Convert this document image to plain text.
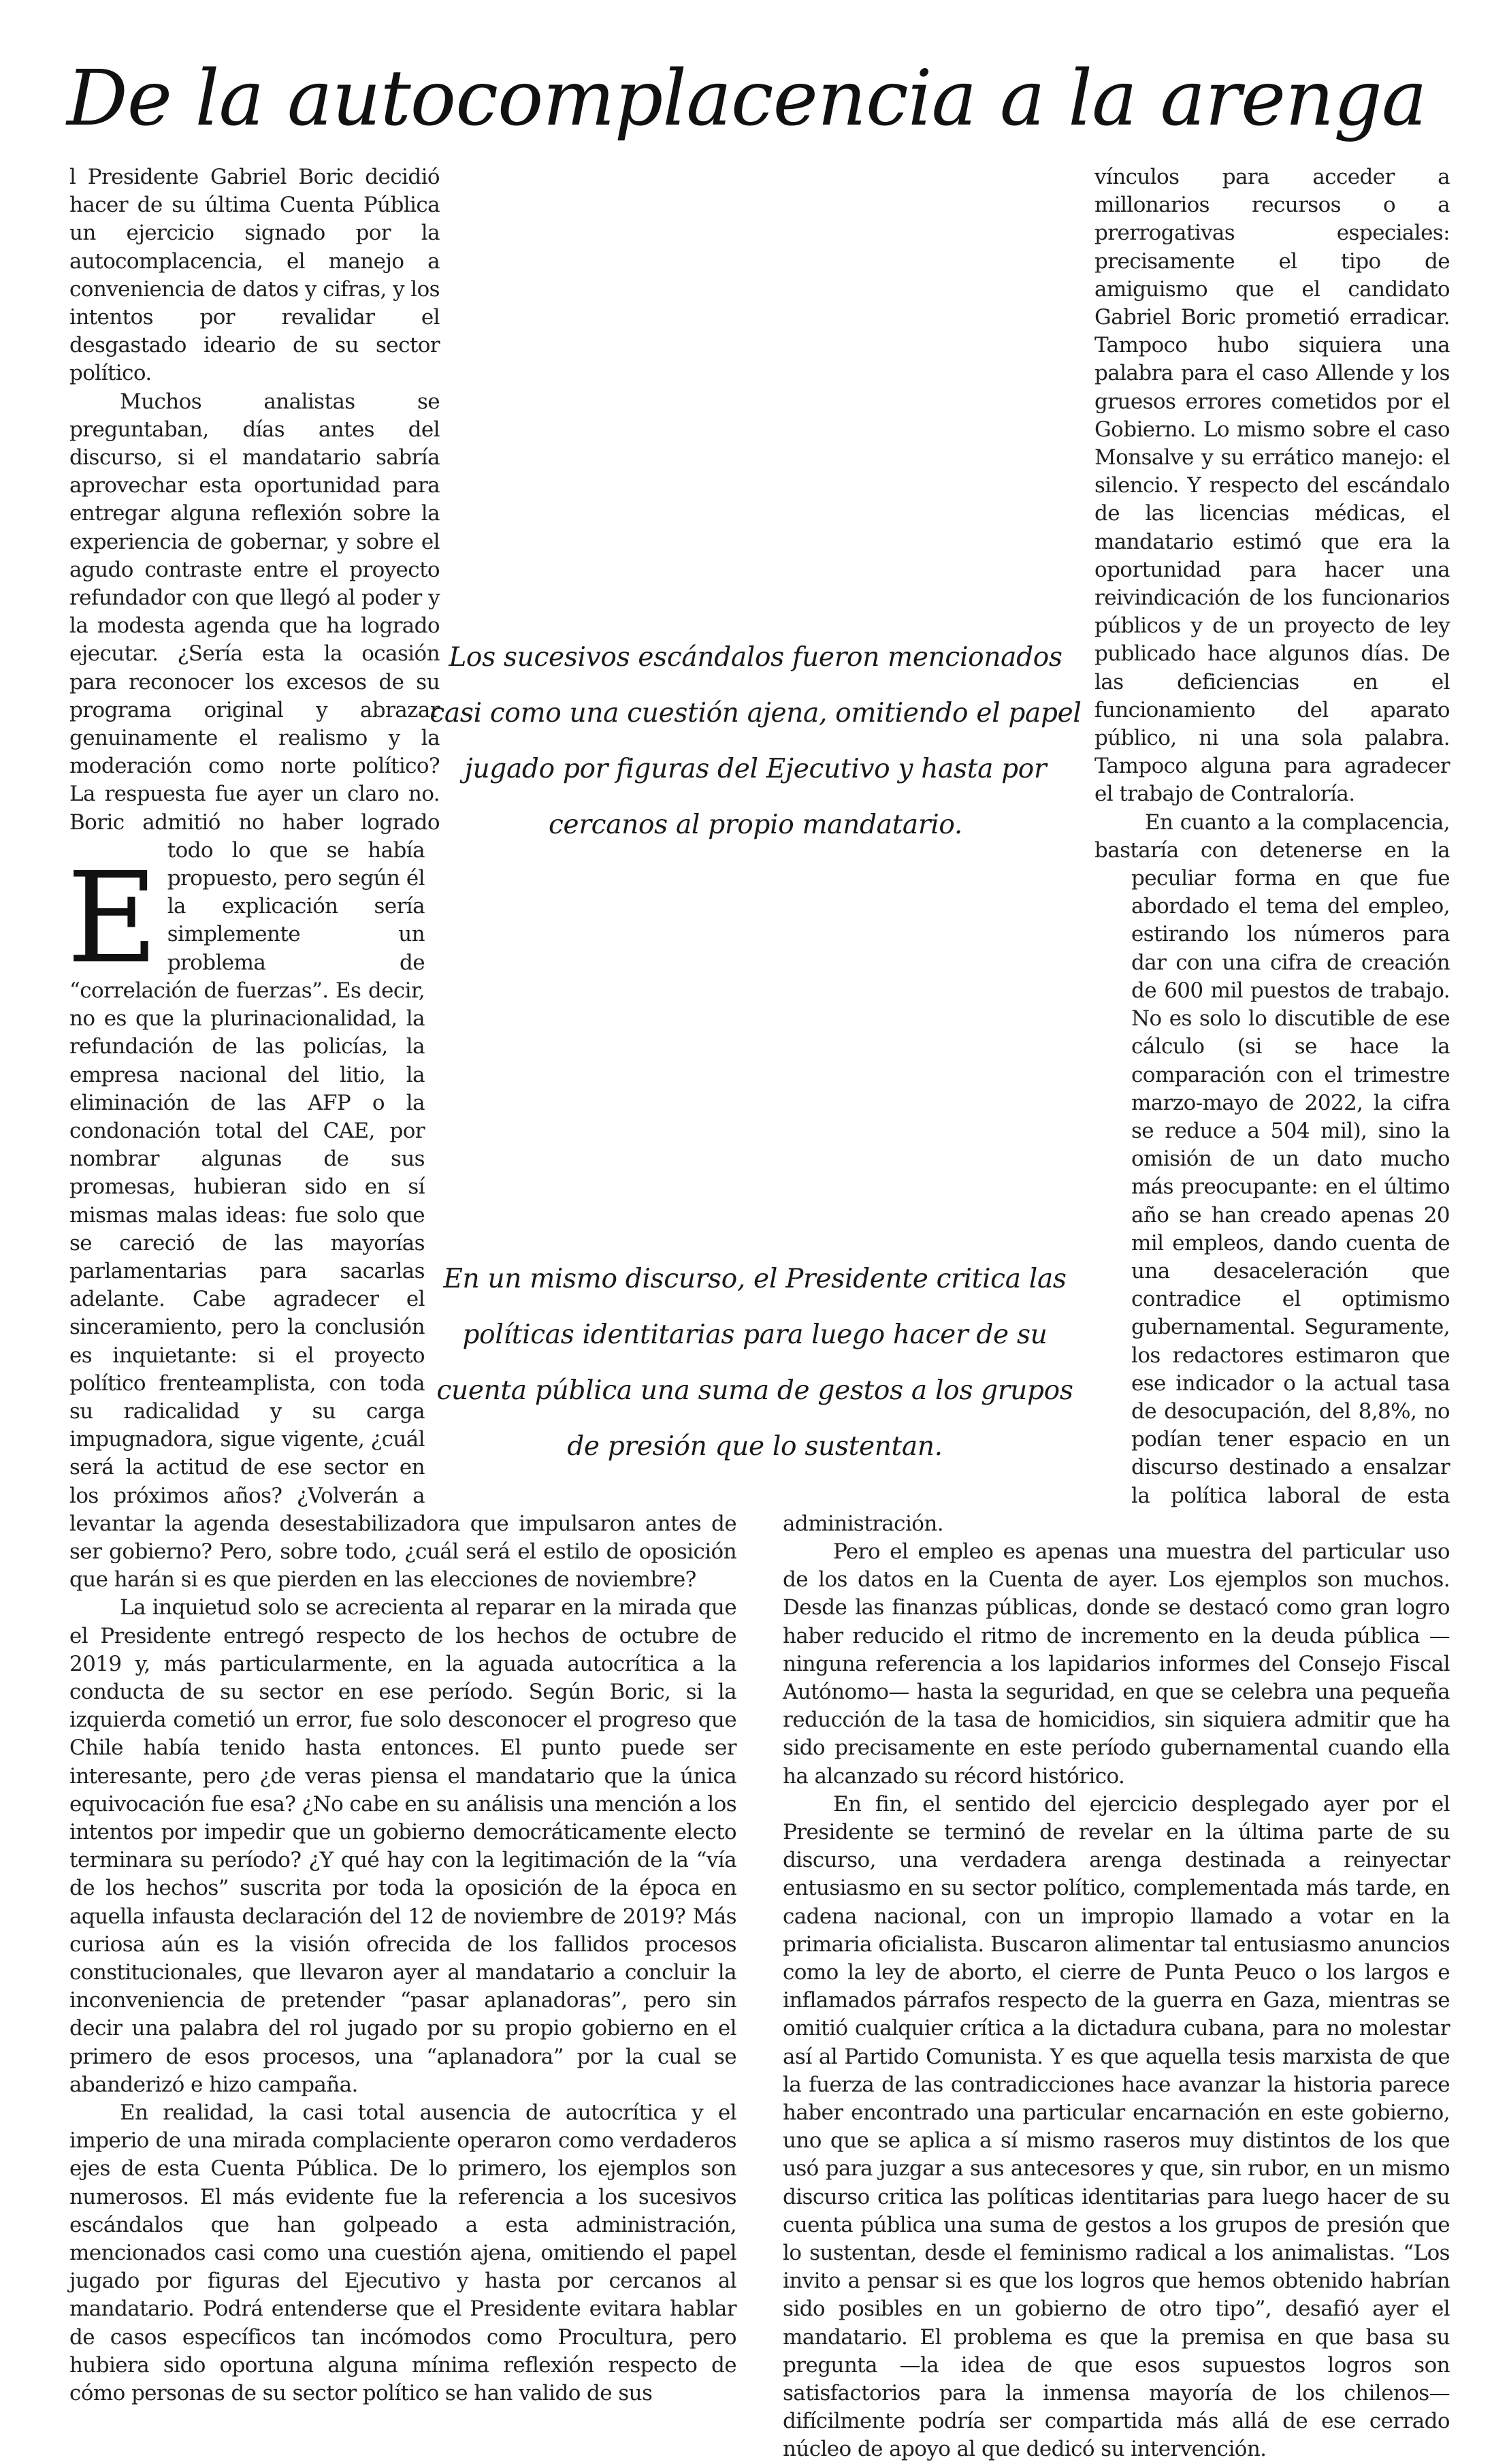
De la autocomplacencia a la arenga

E
l Presidente Gabriel Boric decidió hacer de su última Cuenta Pública un ejercicio signado por la autocomplacencia, el manejo a conveniencia de datos y cifras, y los intentos por revalidar el desgastado ideario de su sector político.

Muchos analistas se preguntaban, días antes del discurso, si el mandatario sabría aprovechar esta oportunidad para entregar alguna reflexión sobre la experiencia de gobernar, y sobre el agudo contraste entre el proyecto refundador con que llegó al poder y la modesta agenda que ha logrado ejecutar. ¿Sería esta la ocasión para reconocer los excesos de su programa original y abrazar genuinamente el realismo y la moderación como norte político? La respuesta fue ayer un claro no. Boric admitió no haber logrado todo lo que se había propuesto, pero según él la explicación sería simplemente un problema de “correlación de fuerzas”. Es decir, no es que la plurinacionalidad, la refundación de las policías, la empresa nacional del litio, la eliminación de las AFP o la condonación total del CAE, por nombrar algunas de sus promesas, hubieran sido en sí mismas malas ideas: fue solo que se careció de las mayorías parlamentarias para sacarlas adelante. Cabe agradecer el sinceramiento, pero la conclusión es inquietante: si el proyecto político frenteamplista, con toda su radicalidad y su carga impugnadora, sigue vigente, ¿cuál será la actitud de ese sector en los próximos años? ¿Volverán a levantar la agenda desestabilizadora que impulsaron antes de ser gobierno? Pero, sobre todo, ¿cuál será el estilo de oposición que harán si es que pierden en las elecciones de noviembre?

La inquietud solo se acrecienta al reparar en la mirada que el Presidente entregó respecto de los hechos de octubre de 2019 y, más particularmente, en la aguada autocrítica a la conducta de su sector en ese período. Según Boric, si la izquierda cometió un error, fue solo desconocer el progreso que Chile había tenido hasta entonces. El punto puede ser interesante, pero ¿de veras piensa el mandatario que la única equivocación fue esa? ¿No cabe en su análisis una mención a los intentos por impedir que un gobierno democráticamente electo terminara su período? ¿Y qué hay con la legitimación de la “vía de los hechos” suscrita por toda la oposición de la época en aquella infausta declaración del 12 de noviembre de 2019? Más curiosa aún es la visión ofrecida de los fallidos procesos constitucionales, que llevaron ayer al mandatario a concluir la inconveniencia de pretender “pasar aplanadoras”, pero sin decir una palabra del rol jugado por su propio gobierno en el primero de esos procesos, una “aplanadora” por la cual se abanderizó e hizo campaña.

En realidad, la casi total ausencia de autocrítica y el imperio de una mirada complaciente operaron como verdaderos ejes de esta Cuenta Pública. De lo primero, los ejemplos son numerosos. El más evidente fue la referencia a los sucesivos escándalos que han golpeado a esta administración, mencionados casi como una cuestión ajena, omitiendo el papel jugado por figuras del Ejecutivo y hasta por cercanos al mandatario. Podrá entenderse que el Presidente evitara hablar de casos específicos tan incómodos como Procultura, pero hubiera sido oportuna alguna mínima reflexión respecto de cómo personas de su sector político se han valido de sus

vínculos para acceder a millonarios recursos o a prerrogativas especiales: precisamente el tipo de amiguismo que el candidato Gabriel Boric prometió erradicar. Tampoco hubo siquiera una palabra para el caso Allende y los gruesos errores cometidos por el Gobierno. Lo mismo sobre el caso Monsalve y su errático manejo: el silencio. Y respecto del escándalo de las licencias médicas, el mandatario estimó que era la oportunidad para hacer una reivindicación de los funcionarios públicos y de un proyecto de ley publicado hace algunos días. De las deficiencias en el funcionamiento del aparato público, ni una sola palabra. Tampoco alguna para agradecer el trabajo de Contraloría.

En cuanto a la complacencia, bastaría con detenerse en la peculiar forma en que fue abordado el tema del empleo, estirando los números para dar con una cifra de creación de 600 mil puestos de trabajo. No es solo lo discutible de ese cálculo (si se hace la comparación con el trimestre marzo-mayo de 2022, la cifra se reduce a 504 mil), sino la omisión de un dato mucho más preocupante: en el último año se han creado apenas 20 mil empleos, dando cuenta de una desaceleración que contradice el optimismo gubernamental. Seguramente, los redactores estimaron que ese indicador o la actual tasa de desocupación, del 8,8%, no podían tener espacio en un discurso destinado a ensalzar la política laboral de esta administración.

Pero el empleo es apenas una muestra del particular uso de los datos en la Cuenta de ayer. Los ejemplos son muchos. Desde las finanzas públicas, donde se destacó como gran logro haber reducido el ritmo de incremento en la deuda pública —ninguna referencia a los lapidarios informes del Consejo Fiscal Autónomo— hasta la seguridad, en que se celebra una pequeña reducción de la tasa de homicidios, sin siquiera admitir que ha sido precisamente en este período gubernamental cuando ella ha alcanzado su récord histórico.

En fin, el sentido del ejercicio desplegado ayer por el Presidente se terminó de revelar en la última parte de su discurso, una verdadera arenga destinada a reinyectar entusiasmo en su sector político, complementada más tarde, en cadena nacional, con un impropio llamado a votar en la primaria oficialista. Buscaron alimentar tal entusiasmo anuncios como la ley de aborto, el cierre de Punta Peuco o los largos e inflamados párrafos respecto de la guerra en Gaza, mientras se omitió cualquier crítica a la dictadura cubana, para no molestar así al Partido Comunista. Y es que aquella tesis marxista de que la fuerza de las contradicciones hace avanzar la historia parece haber encontrado una particular encarnación en este gobierno, uno que se aplica a sí mismo raseros muy distintos de los que usó para juzgar a sus antecesores y que, sin rubor, en un mismo discurso critica las políticas identitarias para luego hacer de su cuenta pública una suma de gestos a los grupos de presión que lo sustentan, desde el feminismo radical a los animalistas. “Los invito a pensar si es que los logros que hemos obtenido habrían sido posibles en un gobierno de otro tipo”, desafió ayer el mandatario. El problema es que la premisa en que basa su pregunta —la idea de que esos supuestos logros son satisfactorios para la inmensa mayoría de los chilenos— difícilmente podría ser compartida más allá de ese cerrado núcleo de apoyo al que dedicó su intervención.

Los sucesivos escándalos fueron mencionados casi como una cuestión ajena, omitiendo el papel jugado por figuras del Ejecutivo y hasta por cercanos al propio mandatario.
En un mismo discurso, el Presidente critica las políticas identitarias para luego hacer de su cuenta pública una suma de gestos a los grupos de presión que lo sustentan.
